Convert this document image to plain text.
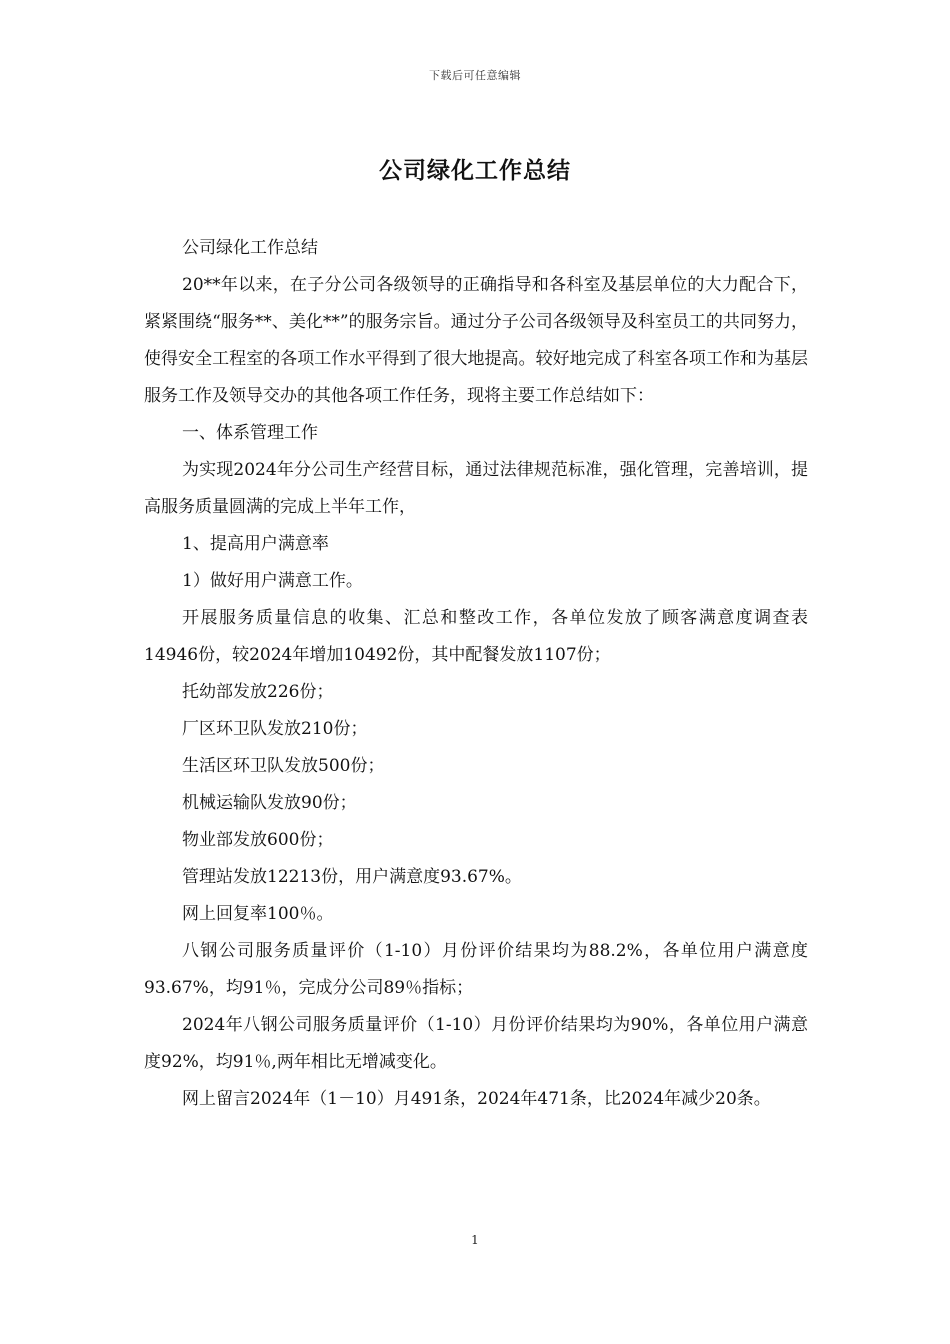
下载后可任意编辑
公司绿化工作总结

公司绿化工作总结

20**年以来，在子分公司各级领导的正确指导和各科室及基层单位的大力配合下，紧紧围绕“服务**、美化**”的服务宗旨。通过分子公司各级领导及科室员工的共同努力，使得安全工程室的各项工作水平得到了很大地提高。较好地完成了科室各项工作和为基层服务工作及领导交办的其他各项工作任务，现将主要工作总结如下：

一、体系管理工作

为实现2024年分公司生产经营目标，通过法律规范标准，强化管理，完善培训，提高服务质量圆满的完成上半年工作，

1、提高用户满意率

1）做好用户满意工作。

开展服务质量信息的收集、汇总和整改工作，各单位发放了顾客满意度调查表14946份，较2024年增加10492份，其中配餐发放1107份；

托幼部发放226份；

厂区环卫队发放210份；

生活区环卫队发放500份；

机械运输队发放90份；

物业部发放600份；

管理站发放12213份，用户满意度93.67%。

网上回复率100％。

八钢公司服务质量评价（1-10）月份评价结果均为88.2%，各单位用户满意度93.67%，均91％，完成分公司89％指标；

2024年八钢公司服务质量评价（1-10）月份评价结果均为90%，各单位用户满意度92%，均91％,两年相比无增减变化。

网上留言2024年（1－10）月491条，2024年471条，比2024年减少20条。

1
